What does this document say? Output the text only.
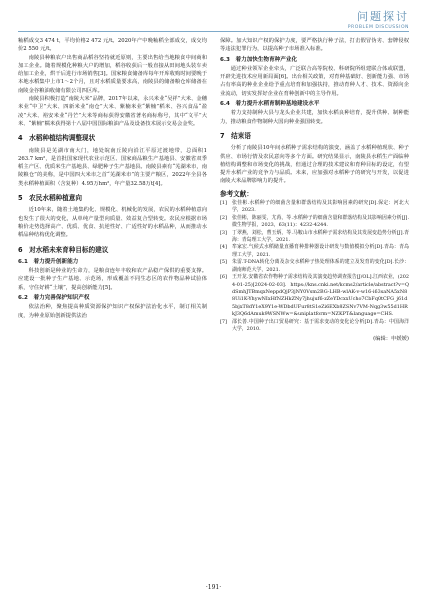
问题探讨
PROBLEM DISCUSSION

籼稻成交3 474 t，平均价格2 472 元/t。2020年产中晚籼稻全部成交，成交均价2 550 元/t。

南陵县种粮农户出售商品稻谷坚持就近原则，主要出售给当地粮食中间商和加工企业。随着规模化种粮大户的增加，稻谷收获后一般直接从田间地头装车卖给加工企业，烘干后进行市场销售[3]。国家粮食储备库每年开库收购时间要晚于本地水稻集中上市1～2个月，且对水稻质量要求高，南陵县的储备粮仓库储备在南陵金谷粮油收储有限公司四区库。

南陵县积极打造“南陵大米”品牌，2017年以来，永兴米业“吴祥”大米、金穗米业“中卫”大米、四新米业“南仓”大米、紫楠米业“紫楠”稻米、谷兴食品“盈凌”大米、裕安米业“丹芒”大米等商标获得安徽省著名商标称号，其中“文平”大米、“紫楠”糯米获得第十八届中国国际粮油产品及设备技术展示交易会金奖。

4　水稻种植结构调整现状

南陵县是芜湖市南大门，地处皖南丘陵向沿江平原过渡地带，总面积1 263.7 km²，是首批国家现代农业示范区、国家商品粮生产基地县、安徽省双季稻主产区、优质米生产基地县、绿肥种子生产基地县。南陵县素有“芜湖米市，南陵粮仓”的美称，是中国四大米市之首“芜湖米市”的主要产粮区，2022年全县各类水稻种植面积（含复种）4.95万hm²，年产量32.58万t[4]。

5　农民水稻种植意向

近10年来，随着土地集约化、规模化、机械化的发展，农民的水稻种植意向也发生了很大的变化，从单纯产量型向质量、效益复合型转变。农民应根据市场粮价走势选择高产、优质、优食、抗逆性好、广适性好的水稻品种，从而推动水稻品种结构优化调整。

6　对水稻未来育种目标的建议
6.1　着力提升创新能力

科技创新是种业的生命力，是粮食连年丰收和农产品稳产保供的重要支撑。应建设一批种子生产基地、示范场，形成覆盖不同生态区的农作物品种试验体系，守住好耕“土壤”，提高创新能力[5]。

6.2　着力完善保护知识产权

依法治种，聚焦提高种质资源保护知识产权保护法治化水平，制订相关制度，为种业原始创新提供法治

保障。加大知识产权的保护力度，要严格执行种子法，打击假冒伪劣、套牌侵权等违法犯罪行为，以提高种子市场准入标准。

6.3　着力加快生物育种产业化

通过种业领军企业牵头，广泛联合高等院校、科研院所组建联合体或联盟，开辟先进技术应用新局面[6]。出台相关政策，对育种基础好、创新能力强、市场占有率高的种业企业给予重点培育和加强扶持，推动育种人才、技术、资源向企业流动，切实发挥好企业在育种创新中的主导作用。

6.4　着力提升水稻育制种基地建设水平

着力支持制种大县与龙头企业共建，加快水稻良种培育，提升供种、制种能力，推动粮食作物制种大国向种业强国转变。

7　结束语

分析了南陵县10年间水稻种子需求结构的演变，涵盖了水稻种植现状、种子供应、市场行情及农民意向等多个方面。研究结果显示，南陵县水稻生产面临种植结构调整和市场变化的挑战，但通过合理的技术建议和育种目标的设定，有望提升水稻产业的竞争力与品质。未来，应加强对水稻种子的研究与开发，以促进南陵大米品牌影响力的提升。

参考文献：
[1]	张佳彬.水稻种子的细菌含量和群落结构及其影响因素的研究[D].保定：河北大学，2023.
[2]	张佳彬，陈丽雯，尤苒，等.水稻种子的细菌含量和群落结构及其影响因素分析[J].微生物学报，2023，63(11)：4232-4244.
[3]	丁翠燕，刘松，曹玉炳，等.马鞍山市水稻种子需求结构及其发展变趋势分析[J].青海：青岛理工大学，2021.
[4]	牟家宏.气候式水稻储量直播育种排种器设计研发与数值模拟分析[D].青岛：青岛理工大学，2021.
[5]	朱雷.T-DNA转化分离及杂交水稻种子热处理体系的建立及发育的变化[D].长沙：湖南师范大学，2021.
[6]	王开龙.安徽省农作物种子需求结构及其演变趋势调查报告[J/OL].江西农业，(2024-01-25)[2024-02-03]. https://kns.cnki.net/kcms2/article/abstract?v=QdSmhJTBmqxNeppdQjP3jNY0Vsm2BG-LHB-wlAK-v-w16-i63saNA5xN88Ui1K-YhywNIxHfNZHkZNy7jhujuf6-zZeYDcxxUcho7CbFq0tCFG_j61d5bjxT8dY1eX9Y1e-WDbdUFur8tS1eZi6EXb8ZSNv7VM-Nqg3w55d1HRkJ3Q6dAmuk9WSNWw=&uniplatform=NZKPT&language=CHS.
[7]	邵长善.中国种子出口贸易研究：基于需求变动的变化论分析[D].青岛：中国海洋大学，2010.
(编辑：申媛媛)
·191·
